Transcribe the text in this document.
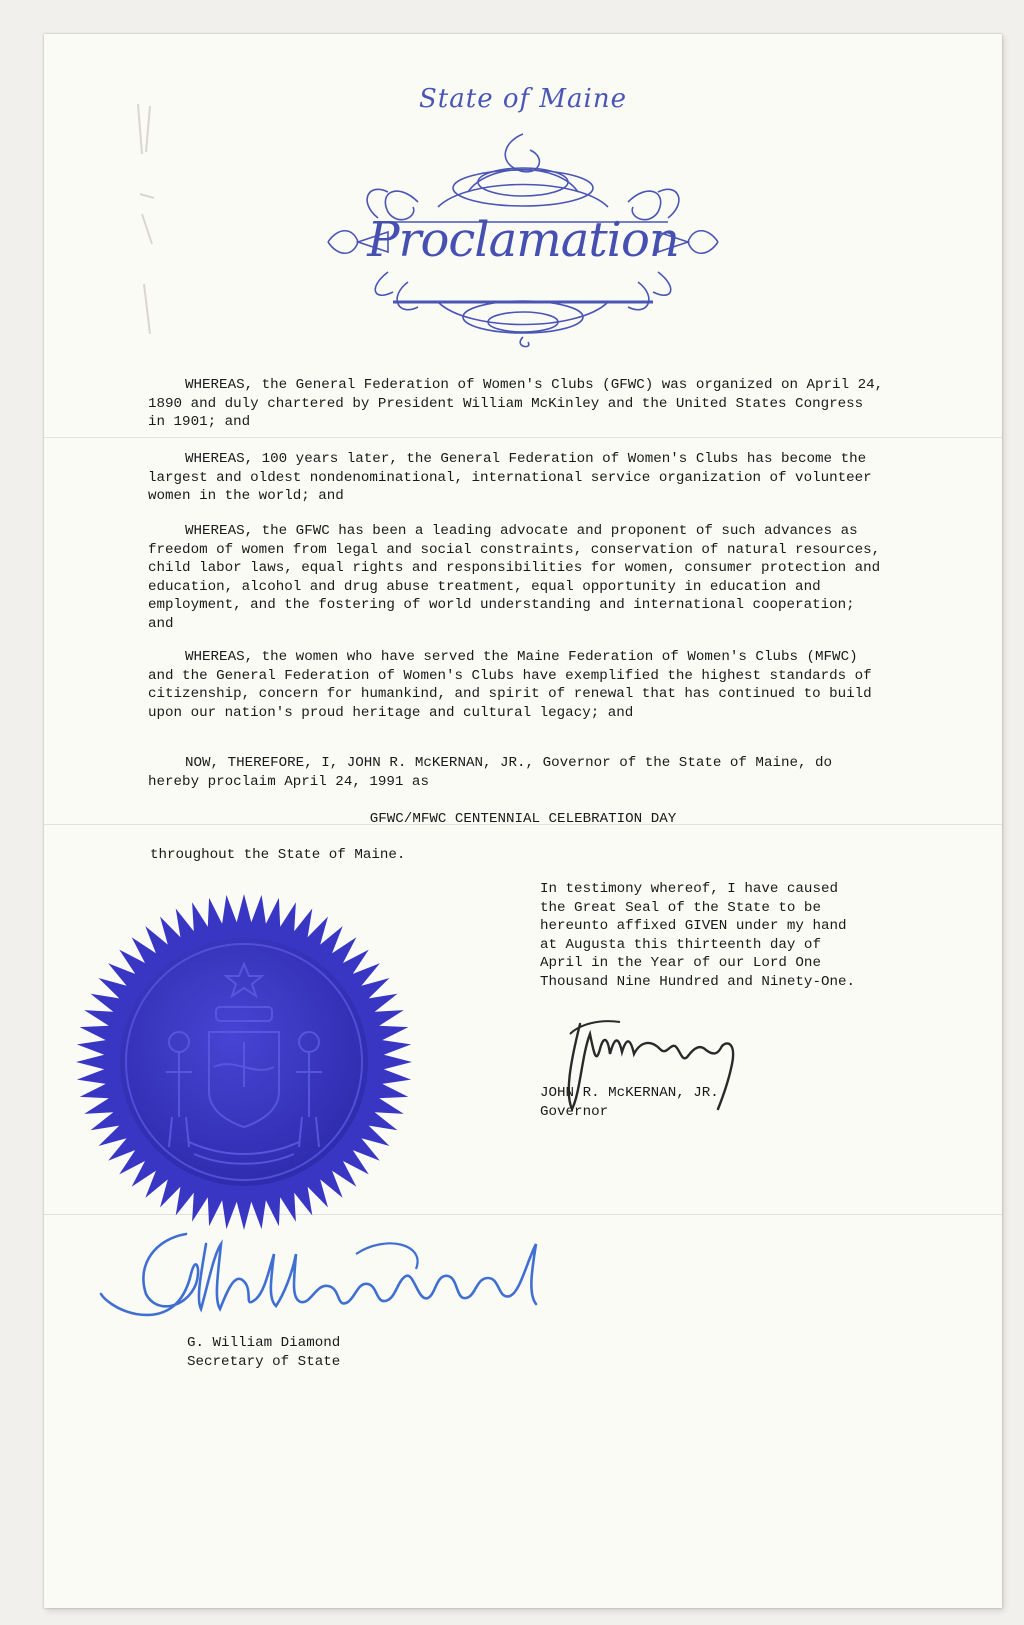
State of Maine
Proclamation

WHEREAS, the General Federation of Women's Clubs (GFWC) was organized on April 24, 1890 and duly chartered by President William McKinley and the United States Congress in 1901; and

WHEREAS, 100 years later, the General Federation of Women's Clubs has become the largest and oldest nondenominational, international service organization of volunteer women in the world; and

WHEREAS, the GFWC has been a leading advocate and proponent of such advances as freedom of women from legal and social constraints, conservation of natural resources, child labor laws, equal rights and responsibilities for women, consumer protection and education, alcohol and drug abuse treatment, equal opportunity in education and employment, and the fostering of world understanding and international cooperation; and

WHEREAS, the women who have served the Maine Federation of Women's Clubs (MFWC) and the General Federation of Women's Clubs have exemplified the highest standards of citizenship, concern for humankind, and spirit of renewal that has continued to build upon our nation's proud heritage and cultural legacy; and

NOW, THEREFORE, I, JOHN R. McKERNAN, JR., Governor of the State of Maine, do hereby proclaim April 24, 1991 as

GFWC/MFWC CENTENNIAL CELEBRATION DAY
throughout the State of Maine.
In testimony whereof, I have caused the Great Seal of the State to be hereunto affixed GIVEN under my hand at Augusta this thirteenth day of April in the Year of our Lord One Thousand Nine Hundred and Ninety-One.
JOHN R. McKERNAN, JR.
Governor
G. William Diamond
Secretary of State
